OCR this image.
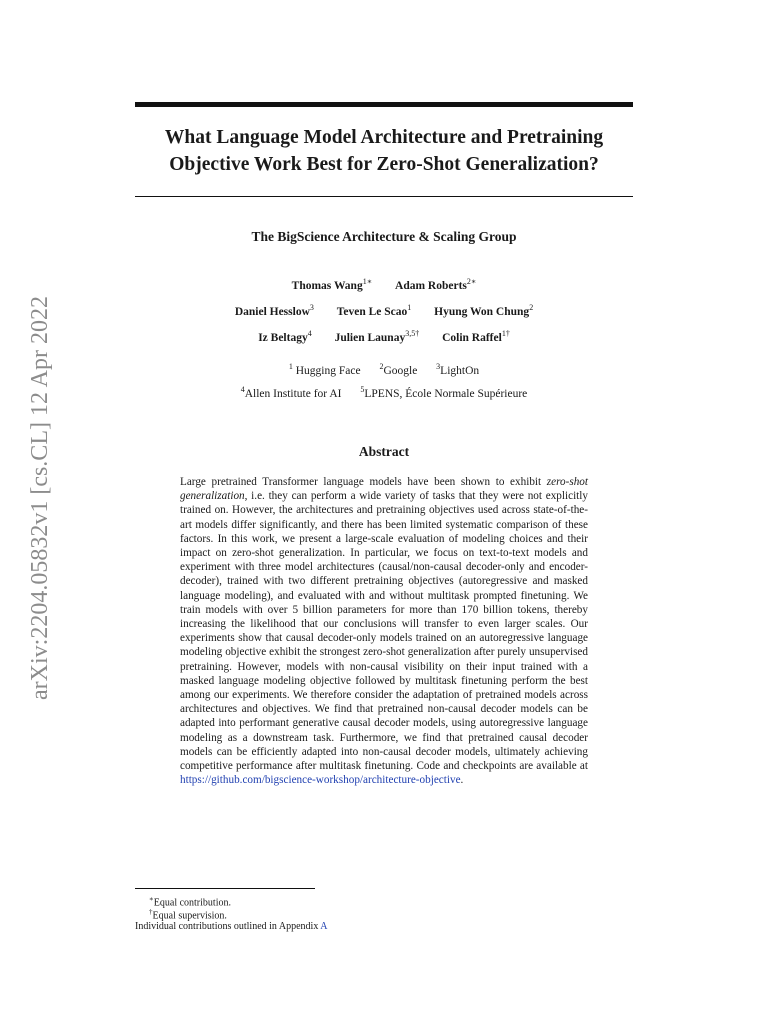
arXiv:2204.05832v1 [cs.CL] 12 Apr 2022
What Language Model Architecture and Pretraining
Objective Work Best for Zero-Shot Generalization?
The BigScience Architecture & Scaling Group
Thomas Wang$^{1∗}$ Adam Roberts$^{2∗}$
Daniel Hesslow$^3$ Teven Le Scao$^1$ Hyung Won Chung$^2$
Iz Beltagy$^4$ Julien Launay$^{3,5\dagger}$ Colin Raffel$^{1\dagger}$
$^1$ Hugging Face $^2$Google $^3$LightOn
$^4$Allen Institute for AI $^5$LPENS, École Normale Supérieure
Abstract

Large pretrained Transformer language models have been shown to exhibit zero-shot generalization, i.e. they can perform a wide variety of tasks that they were not explicitly trained on. However, the architectures and pretraining objectives used across state-of-the-art models differ significantly, and there has been limited systematic comparison of these factors. In this work, we present a large-scale evaluation of modeling choices and their impact on zero-shot generalization. In particular, we focus on text-to-text models and experiment with three model architectures (causal/non-causal decoder-only and encoder-decoder), trained with two different pretraining objectives (autoregressive and masked language modeling), and evaluated with and without multitask prompted finetuning. We train models with over 5 billion parameters for more than 170 billion tokens, thereby increasing the likelihood that our conclusions will transfer to even larger scales. Our experiments show that causal decoder-only models trained on an autoregressive language modeling objective exhibit the strongest zero-shot generalization after purely unsupervised pretraining. However, models with non-causal visibility on their input trained with a masked language modeling objective followed by multitask finetuning perform the best among our experiments. We therefore consider the adaptation of pretrained models across architectures and objectives. We find that pretrained non-causal decoder models can be adapted into performant generative causal decoder models, using autoregressive language modeling as a downstream task. Furthermore, we find that pretrained causal decoder models can be efficiently adapted into non-causal decoder models, ultimately achieving competitive performance after multitask finetuning. Code and checkpoints are available at https://github.com/bigscience-workshop/architecture-objective.

∗Equal contribution.
†Equal supervision.
Individual contributions outlined in Appendix A
